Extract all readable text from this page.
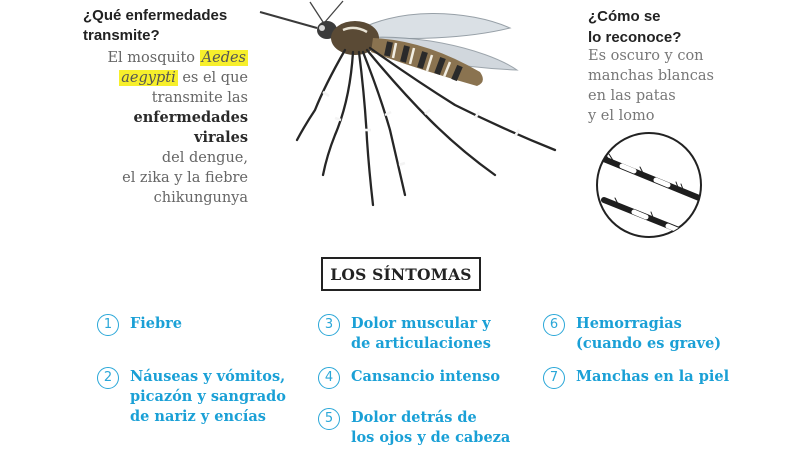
¿Qué enfermedades
transmite?
El mosquito Aedes
aegypti es el que transmite las
enfermedades virales
del dengue,
el zika y la fiebre
chikungunya
¿Cómo se
lo reconoce?
Es oscuro y con
manchas blancas
en las patas
y el lomo
LOS SÍNTOMAS
1	Fiebre
2	Náuseas y vómitos,
picazón y sangrado
de nariz y encías
3	Dolor muscular y
de articulaciones
4	Cansancio intenso
5	Dolor detrás de
los ojos y de cabeza
6	Hemorragias
(cuando es grave)
7	Manchas en la piel
